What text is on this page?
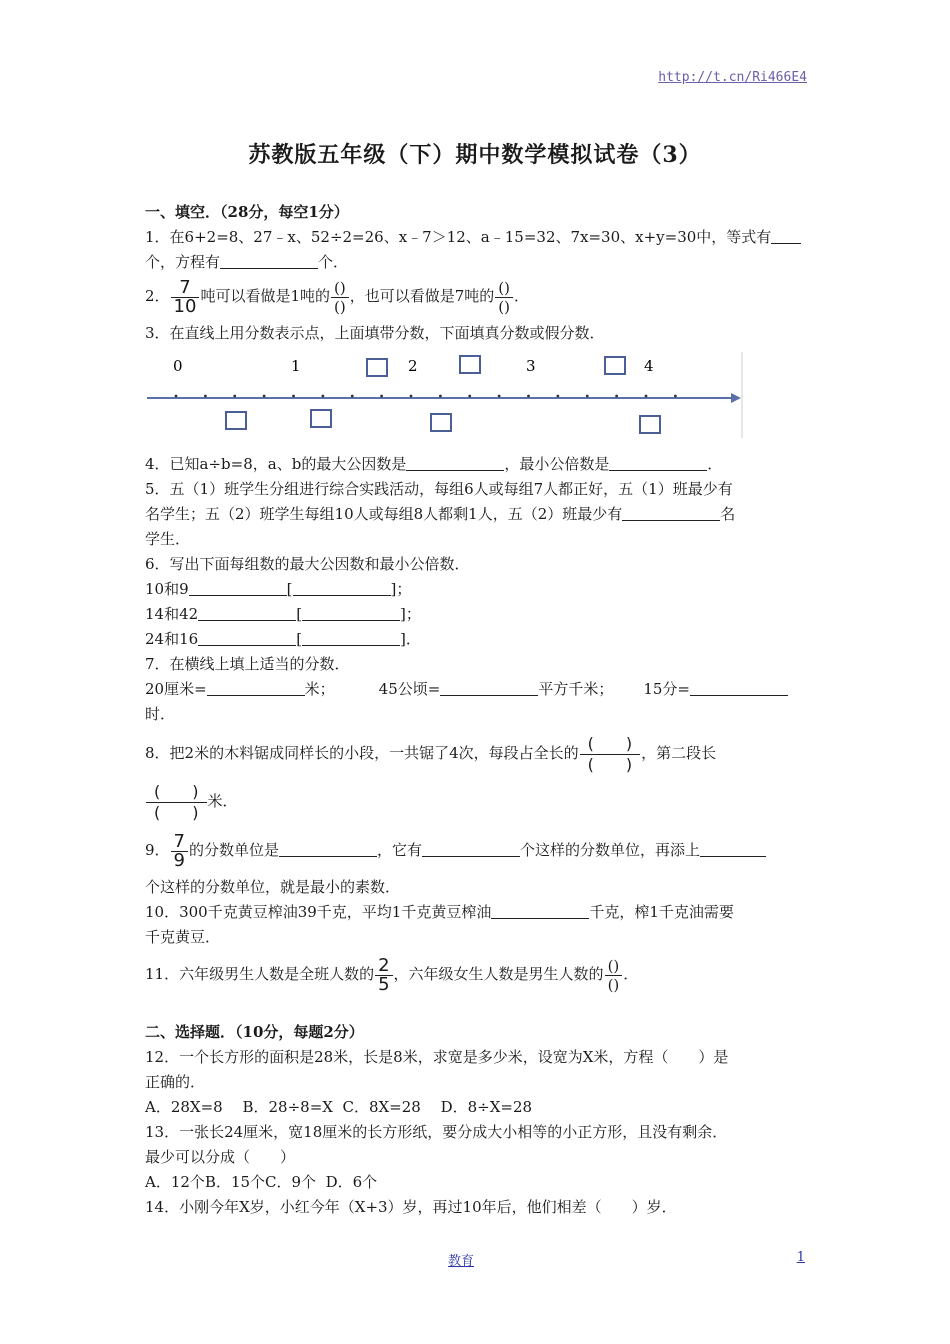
http://t.cn/Ri466E4
苏教版五年级（下）期中数学模拟试卷（3）
一、填空．（28分，每空1分）
1．在6+2=8、27﹣x、52÷2=26、x﹣7＞12、a﹣15=32、7x=30、x+y=30中，等式有
个，方程有	个．
2． $\frac{7}{10}$ 吨可以看做是1吨的 $\frac{()}{()}$ ，也可以看做是7吨的 $\frac{()}{()}$ ．
3．在直线上用分数表示点，上面填带分数，下面填真分数或假分数．
0	1	2	3	4
4．已知a÷b=8，a、b的最大公因数是	，最小公倍数是	．
5．五（1）班学生分组进行综合实践活动，每组6人或每组7人都正好，五（1）班最少有
名学生；五（2）班学生每组10人或每组8人都剩1人，五（2）班最少有	名
学生．
6．写出下面每组数的最大公因数和最小公倍数．
10和9	[	]；
14和42	[	]；
24和16	[	]．
7．在横线上填上适当的分数．
20厘米=	米；	45公顷=	平方千米； 15分=
时．
8．把2米的木料锯成同样长的小段，一共锯了4次，每段占全长的 $\frac{( )}{( )}$ ，第二段长
$\frac{( )}{( )}$ 米．
9． $\frac{7}{9}$ 的分数单位是	，它有	个这样的分数单位，再添上
个这样的分数单位，就是最小的素数．
10．300千克黄豆榨油39千克，平均1千克黄豆榨油	千克，榨1千克油需要
千克黄豆．
11．六年级男生人数是全班人数的 $\frac{2}{5}$ ，六年级女生人数是男生人数的 $\frac{()}{()}$ ．
二、选择题．（10分，每题2分）
12．一个长方形的面积是28米，长是8米，求宽是多少米，设宽为X米，方程（　　）是
正确的．
A．28X=8　 B．28÷8=X  C．8X=28　 D．8÷X=28
13．一张长24厘米，宽18厘米的长方形纸，要分成大小相等的小正方形，且没有剩余．
最少可以分成（　　）
A．12个B．15个C．9个  D．6个
14．小刚今年X岁，小红今年（X+3）岁，再过10年后，他们相差（　　）岁．
教育	1
